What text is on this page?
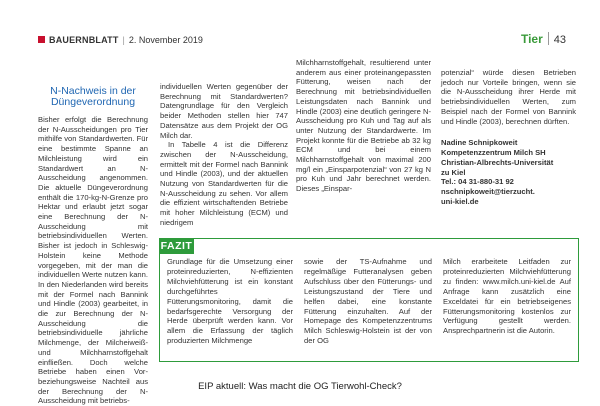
BAUERNBLATT | 2. November 2019	Tier 43
N-Nachweis in der
Düngeverordnung

Bisher erfolgt die Berechnung der N-Ausscheidungen pro Tier mithilfe von Standardwerten. Für eine bestimmte Spanne an Milchleistung wird ein Standardwert an N-Ausscheidung angenommen. Die aktuelle Düngeverordnung enthält die 170-kg-N-Grenze pro Hektar und erlaubt jetzt sogar eine Berechnung der N-Ausscheidung mit betriebsindividuellen Werten. Bisher ist jedoch in Schleswig-Holstein keine Methode vorgegeben, mit der man die individuellen Werte nutzen kann. In den Niederlanden wird bereits mit der Formel nach Bannink und Hindle (2003) gearbeitet, in die zur Berechnung der N-Ausscheidung die betriebsindividuelle jährliche Milchmenge, der Milcheiweiß- und Milchharnstoffgehalt einfließen. Doch welche Betriebe haben einen Vor- beziehungsweise Nachteil aus der Berechnung der N-Ausscheidung mit betriebs-

individuellen Werten gegenüber der Berechnung mit Standardwerten? Datengrundlage für den Vergleich beider Methoden stellen hier 747 Datensätze aus dem Projekt der OG Milch dar.

In Tabelle 4 ist die Differenz zwischen der N-Ausscheidung, ermittelt mit der Formel nach Bannink und Hindle (2003), und der aktuellen Nutzung von Standardwerten für die N-Ausscheidung zu sehen. Vor allem die effizient wirtschaftenden Betriebe mit hoher Milchleistung (ECM) und niedrigem

Milchharnstoffgehalt, resultierend unter anderem aus einer proteinangepassten Fütterung, weisen nach der Berechnung mit betriebsindividuellen Leistungsdaten nach Bannink und Hindle (2003) eine deutlich geringere N-Ausscheidung pro Kuh und Tag auf als unter Nutzung der Standardwerte. Im Projekt konnte für die Betriebe ab 32 kg ECM und bei einem Milchharnstoffgehalt von maximal 200 mg/l ein „Einsparpotenzial“ von 27 kg N pro Kuh und Jahr berechnet werden. Dieses „Einspar-

potenzial“ würde diesen Betrieben jedoch nur Vorteile bringen, wenn sie die N-Ausscheidung ihrer Herde mit betriebsindividuellen Werten, zum Beispiel nach der Formel von Bannink und Hindle (2003), berechnen dürften.

Nadine Schnipkoweit
Kompetenzzentrum Milch SH
Christian-Albrechts-Universität
zu Kiel
Tel.: 04 31-880-31 92
nschnipkoweit@tierzucht.
uni-kiel.de
FAZIT
Grundlage für die Umsetzung einer proteinreduzierten, N-effizienten Milchviehfütterung ist ein konstant durchgeführtes Fütterungsmonitoring, damit die bedarfsgerechte Versorgung der Herde überprüft werden kann. Vor allem die Erfassung der täglich produzierten Milchmenge
sowie der TS-Aufnahme und regelmäßige Futteranalysen geben Aufschluss über den Fütterungs- und Leistungszustand der Tiere und helfen dabei, eine konstante Fütterung einzuhalten. Auf der Homepage des Kompetenzzentrums Milch Schleswig-Holstein ist der von der OG
Milch erarbeitete Leitfaden zur proteinreduzierten Milchviehfütterung zu finden: www.milch.uni-kiel.de Auf Anfrage kann zusätzlich eine Exceldatei für ein betriebseigenes Fütterungsmonitoring kostenlos zur Verfügung gestellt werden. Ansprechpartnerin ist die Autorin.
EIP aktuell: Was macht die OG Tierwohl-Check?
